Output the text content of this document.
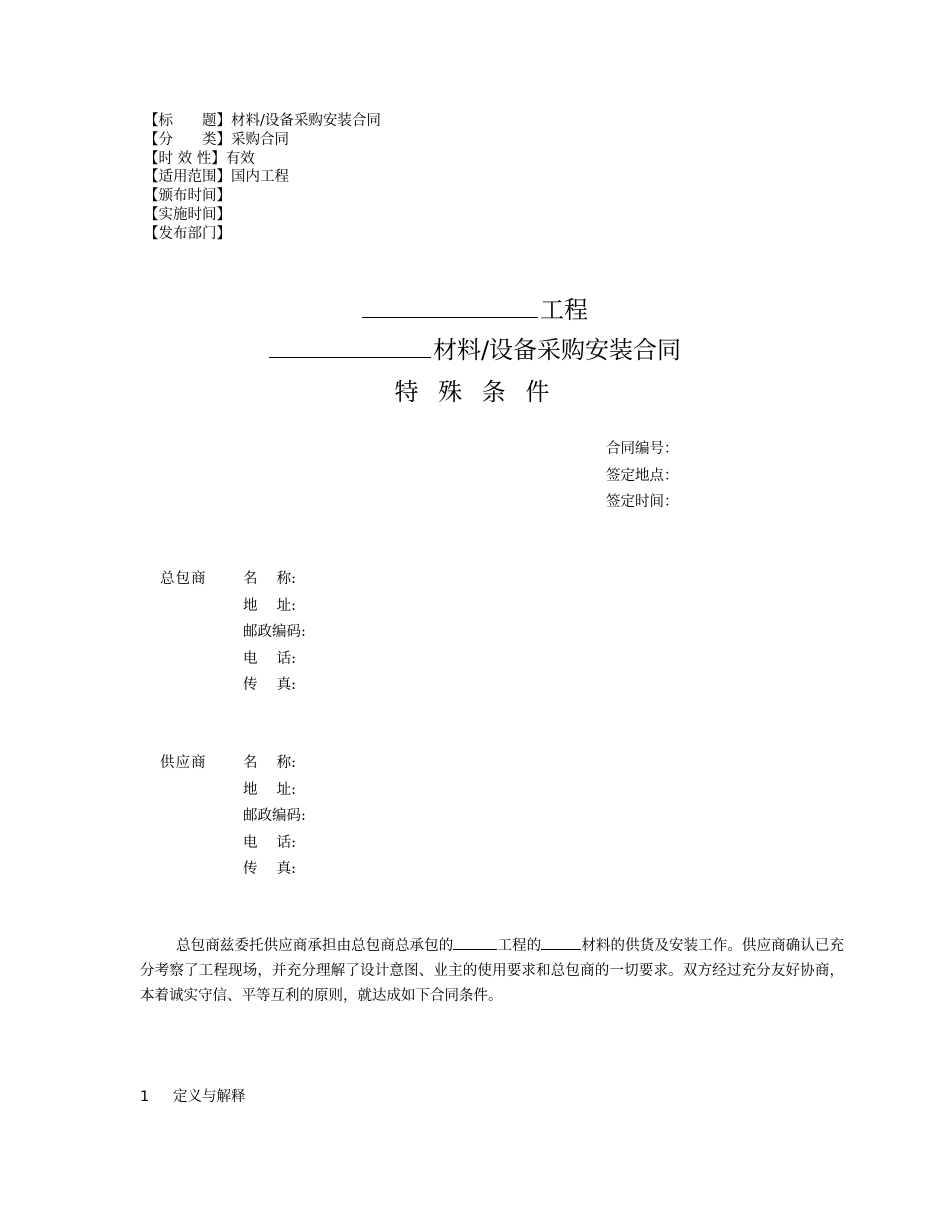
【标　　题】 材料/设备采购安装合同
【分　　类】 采购合同
【时 效 性】 有效
【适用范围】 国内工程
【颁布时间】
【实施时间】
【发布部门】
工程
材料/设备采购安装合同
特 殊 条 件
合同编号：
签定地点：
签定时间：
总包商	名　 称:
地　 址:
邮政编码:
电　 话:
传　 真:
供应商	名　 称:
地　 址:
邮政编码:
电　 话:
传　 真:
总包商兹委托供应商承担由总包商总承包的	工程的	材料的供货及安装工作。供应商确认已充分考察了工程现场，并充分理解了设计意图、业主的使用要求和总包商的一切要求。双方经过充分友好协商，本着诚实守信、平等互利的原则，就达成如下合同条件。
1 定义与解释
